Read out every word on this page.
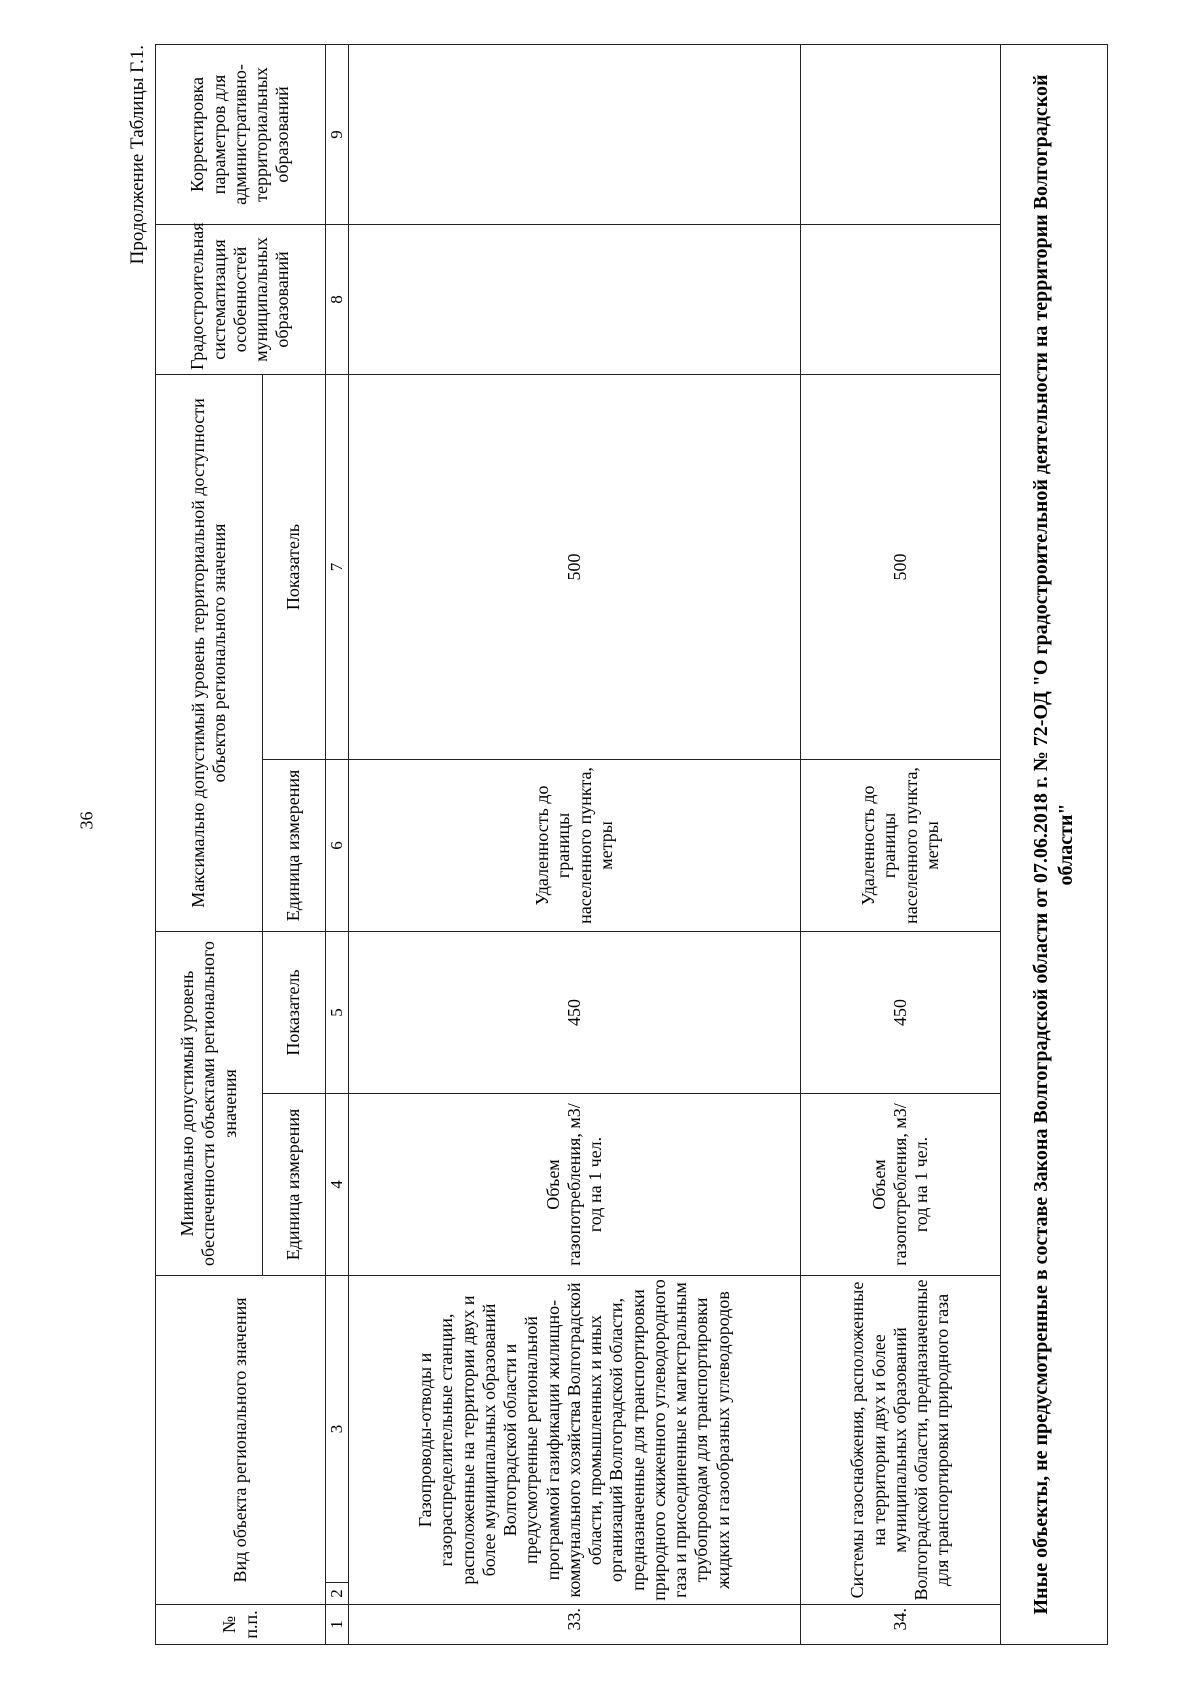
36
Продолжение Таблицы Г.1.
№ п.п.	Вид объекта регионального значения		Минимально допустимый уровень обеспеченности объектами регионального значения		Максимально допустимый уровень территориальной доступности объектов регионального значения		Градостроительная систематизация особенностей муниципальных образований	Корректировка параметров для административно-территориальных образований
			Единица измерения	Показатель	Единица измерения	Показатель		
1	2	3	4	5	6	7	8	9
33.	Газопроводы-отводы и газораспределительные станции, расположенные на территории двух и более муниципальных образований Волгоградской области и предусмотренные региональной программой газификации жилищно-коммунального хозяйства Волгоградской области, промышленных и иных организаций Волгоградской области, предназначенные для транспортировки природного сжиженного углеводородного газа и присоединенные к магистральным трубопроводам для транспортировки жидких и газообразных углеводородов		Объем газопотребления, м3/год на 1 чел.	450	Удаленность до границы населенного пункта, метры	500		
34.	Системы газоснабжения, расположенные на территории двух и более муниципальных образований Волгоградской области, предназначенные для транспортировки природного газа		Объем газопотребления, м3/год на 1 чел.	450	Удаленность до границы населенного пункта, метры	500		
Иные объекты, не предусмотренные в составе Закона Волгоградской области от 07.06.2018 г. № 72-ОД "О градостроительной деятельности на территории Волгоградской области"								
